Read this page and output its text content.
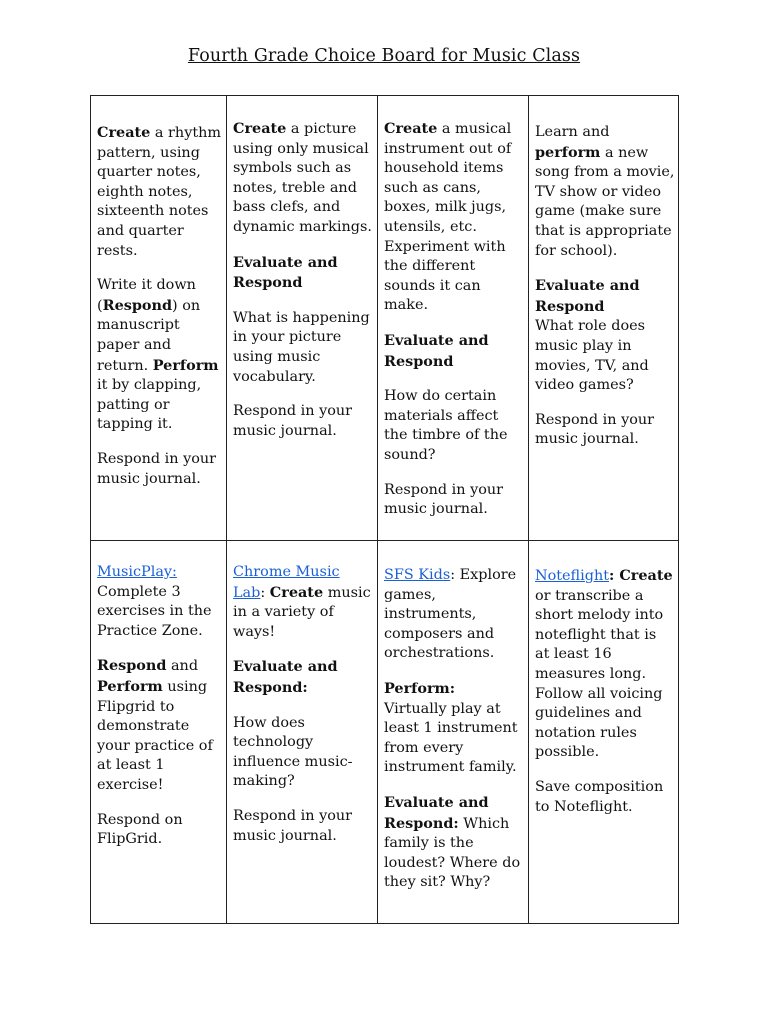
Fourth Grade Choice Board for Music Class

Create a rhythm pattern, using quarter notes, eighth notes, sixteenth notes and quarter rests.

Write it down (Respond) on manuscript paper and return. Perform it by clapping, patting or tapping it.

Respond in your music journal.

Create a picture using only musical symbols such as notes, treble and bass clefs, and dynamic markings.

Evaluate and Respond

What is happening in your picture using music vocabulary.

Respond in your music journal.

Create a musical instrument out of household items such as cans, boxes, milk jugs, utensils, etc. Experiment with the different sounds it can make.

Evaluate and Respond

How do certain materials affect the timbre of the sound?

Respond in your music journal.

Learn and perform a new song from a movie, TV show or video game (make sure that is appropriate for school).

Evaluate and Respond
What role does music play in movies, TV, and video games?

Respond in your music journal.

MusicPlay: Complete 3 exercises in the Practice Zone.

Respond and Perform using Flipgrid to demonstrate your practice of at least 1 exercise!

Respond on FlipGrid.

Chrome Music Lab: Create music in a variety of ways!

Evaluate and Respond:

How does technology influence music-making?

Respond in your music journal.

SFS Kids: Explore games, instruments, composers and orchestrations.

Perform:
Virtually play at least 1 instrument from every instrument family.

Evaluate and Respond: Which family is the loudest? Where do they sit? Why?

Noteflight: Create or transcribe a short melody into noteflight that is at least 16 measures long. Follow all voicing guidelines and notation rules possible.

Save composition to Noteflight.
